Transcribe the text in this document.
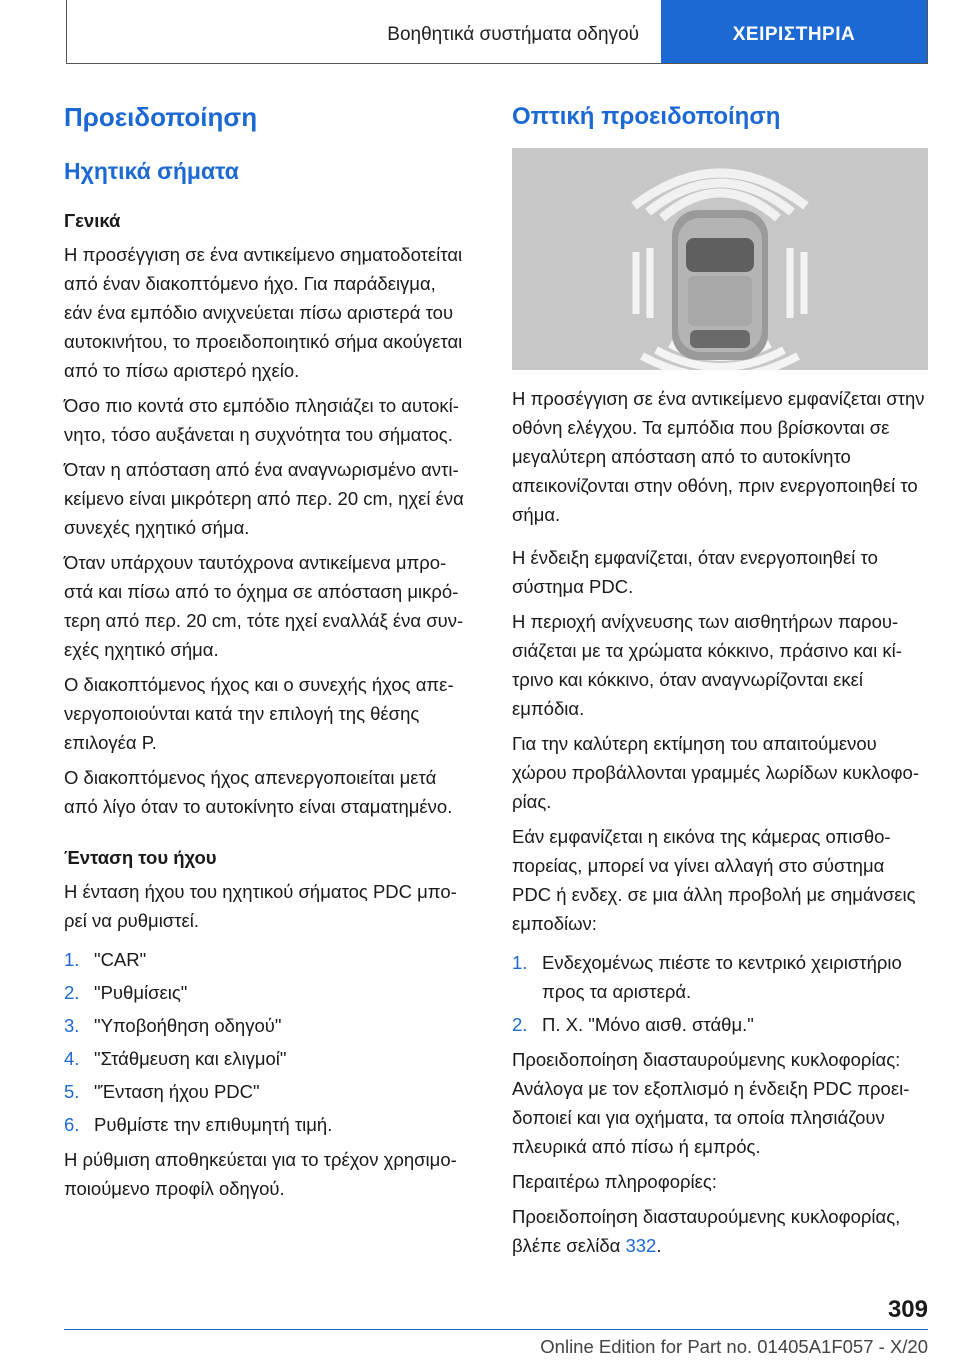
Βοηθητικά συστήματα οδηγού	ΧΕΙΡΙΣΤΗΡΙΑ
Προειδοποίηση
Ηχητικά σήματα
Γενικά

Η προσέγγιση σε ένα αντικείμενο σηματοδοτείται από έναν διακοπτόμενο ήχο. Για παράδειγμα, εάν ένα εμπόδιο ανιχνεύεται πίσω αριστερά του αυτοκινήτου, το προειδοποιητικό σήμα ακούγεται από το πίσω αριστερό ηχείο.

Όσο πιο κοντά στο εμπόδιο πλησιάζει το αυτοκίνητο, τόσο αυξάνεται η συχνότητα του σήματος.

Όταν η απόσταση από ένα αναγνωρισμένο αντικείμενο είναι μικρότερη από περ. 20 cm, ηχεί ένα συνεχές ηχητικό σήμα.

Όταν υπάρχουν ταυτόχρονα αντικείμενα μπροστά και πίσω από το όχημα σε απόσταση μικρότερη από περ. 20 cm, τότε ηχεί εναλλάξ ένα συνεχές ηχητικό σήμα.

Ο διακοπτόμενος ήχος και ο συνεχής ήχος απενεργοποιούνται κατά την επιλογή της θέσης επιλογέα P.

Ο διακοπτόμενος ήχος απενεργοποιείται μετά από λίγο όταν το αυτοκίνητο είναι σταματημένο.

Ένταση του ήχου

Η ένταση ήχου του ηχητικού σήματος PDC μπορεί να ρυθμιστεί.

1. "CAR"
2. "Ρυθμίσεις"
3. "Υποβοήθηση οδηγού"
4. "Στάθμευση και ελιγμοί"
5. "Ένταση ήχου PDC"
6. Ρυθμίστε την επιθυμητή τιμή.

Η ρύθμιση αποθηκεύεται για το τρέχον χρησιμοποιούμενο προφίλ οδηγού.

Οπτική προειδοποίηση

Η προσέγγιση σε ένα αντικείμενο εμφανίζεται στην οθόνη ελέγχου. Τα εμπόδια που βρίσκονται σε μεγαλύτερη απόσταση από το αυτοκίνητο απεικονίζονται στην οθόνη, πριν ενεργοποιηθεί το σήμα.

Η ένδειξη εμφανίζεται, όταν ενεργοποιηθεί το σύστημα PDC.

Η περιοχή ανίχνευσης των αισθητήρων παρουσιάζεται με τα χρώματα κόκκινο, πράσινο και κίτρινο και κόκκινο, όταν αναγνωρίζονται εκεί εμπόδια.

Για την καλύτερη εκτίμηση του απαιτούμενου χώρου προβάλλονται γραμμές λωρίδων κυκλοφορίας.

Εάν εμφανίζεται η εικόνα της κάμερας οπισθοπορείας, μπορεί να γίνει αλλαγή στο σύστημα PDC ή ενδεχ. σε μια άλλη προβολή με σημάνσεις εμποδίων:

1. Ενδεχομένως πιέστε το κεντρικό χειριστήριο προς τα αριστερά.
2. Π. Χ. "Μόνο αισθ. στάθμ."

Προειδοποίηση διασταυρούμενης κυκλοφορίας: Ανάλογα με τον εξοπλισμό η ένδειξη PDC προειδοποιεί και για οχήματα, τα οποία πλησιάζουν πλευρικά από πίσω ή εμπρός.

Περαιτέρω πληροφορίες:

Προειδοποίηση διασταυρούμενης κυκλοφορίας, βλέπε σελίδα 332.

309
Online Edition for Part no. 01405A1F057 - X/20
